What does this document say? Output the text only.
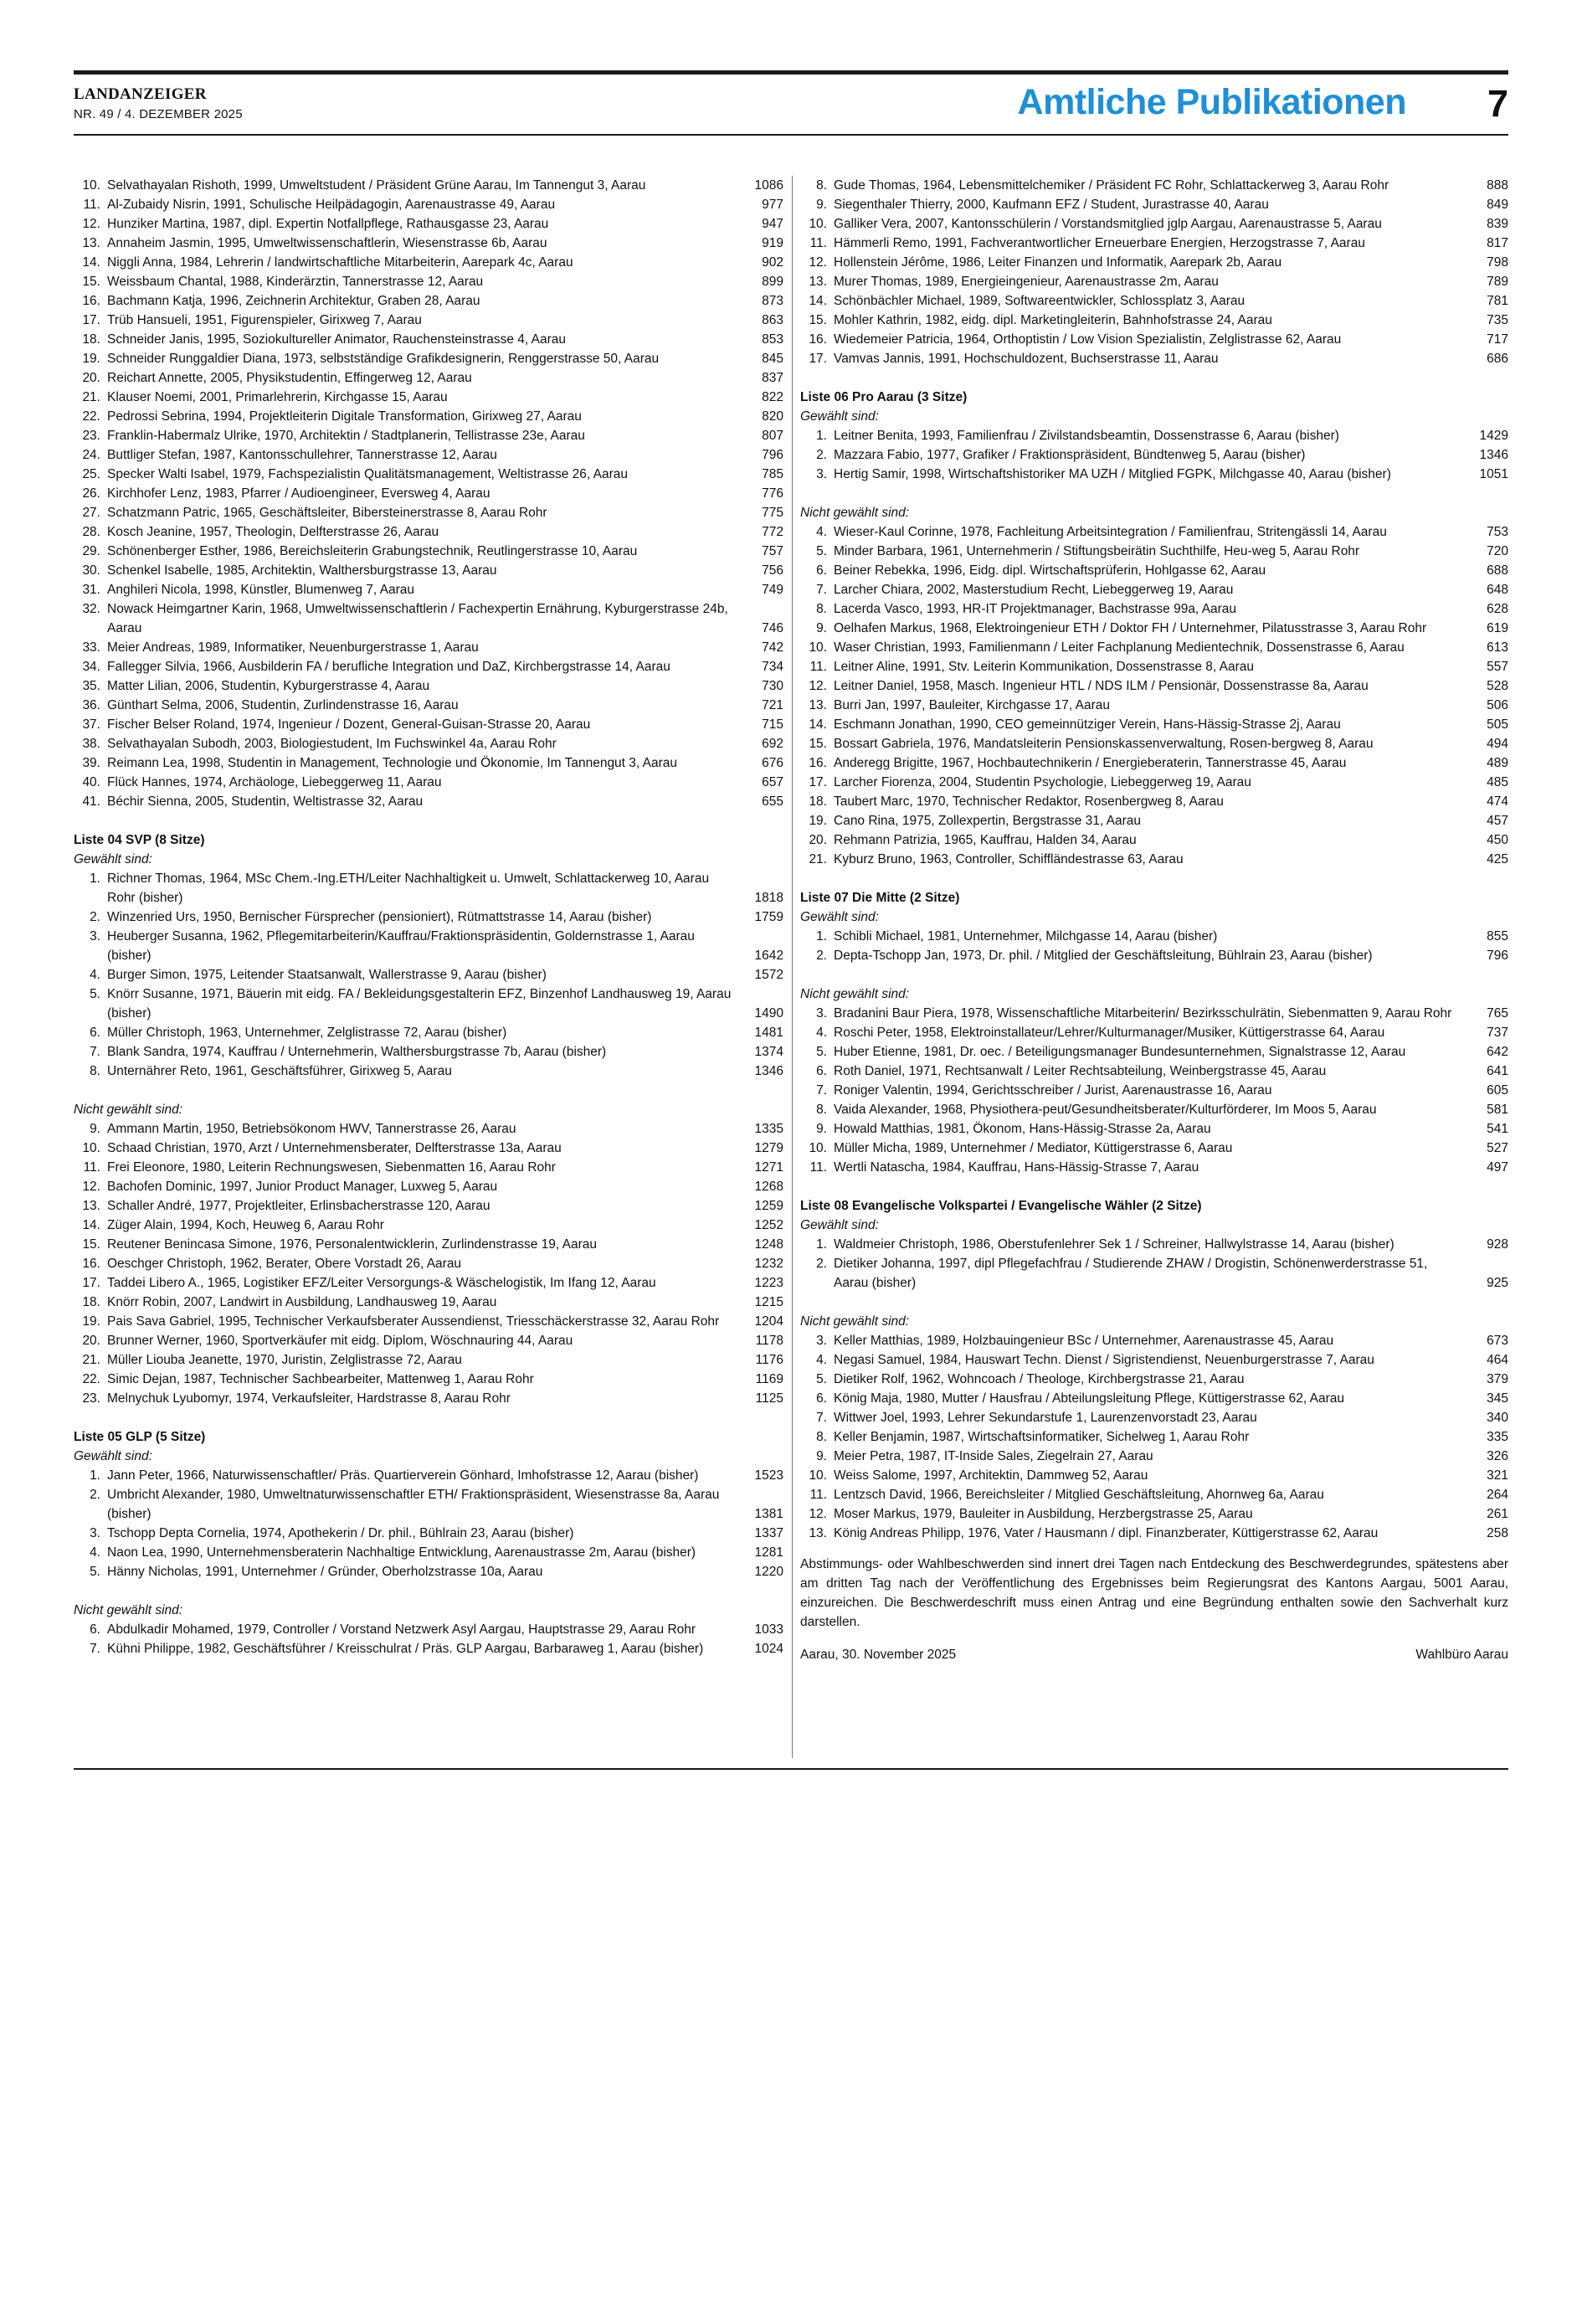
LANDANZEIGER
NR. 49 / 4. DEZEMBER 2025	Amtliche Publikationen 7
10. Selvathayalan Rishoth, 1999, Umweltstudent / Präsident Grüne Aarau, Im Tannengut 3, Aarau	1086
11. Al-Zubaidy Nisrin, 1991, Schulische Heilpädagogin, Aarenaustrasse 49, Aarau	977
12. Hunziker Martina, 1987, dipl. Expertin Notfallpflege, Rathausgasse 23, Aarau	947
13. Annaheim Jasmin, 1995, Umweltwissenschaftlerin, Wiesenstrasse 6b, Aarau	919
14. Niggli Anna, 1984, Lehrerin / landwirtschaftliche Mitarbeiterin, Aarepark 4c, Aarau	902
15. Weissbaum Chantal, 1988, Kinderärztin, Tannerstrasse 12, Aarau	899
16. Bachmann Katja, 1996, Zeichnerin Architektur, Graben 28, Aarau	873
17. Trüb Hansueli, 1951, Figurenspieler, Girixweg 7, Aarau	863
18. Schneider Janis, 1995, Soziokultureller Animator, Rauchensteinstrasse 4, Aarau	853
19. Schneider Runggaldier Diana, 1973, selbstständige Grafikdesignerin, Renggerstrasse 50, Aarau	845
20. Reichart Annette, 2005, Physikstudentin, Effingerweg 12, Aarau	837
21. Klauser Noemi, 2001, Primarlehrerin, Kirchgasse 15, Aarau	822
22. Pedrossi Sebrina, 1994, Projektleiterin Digitale Transformation, Girixweg 27, Aarau	820
23. Franklin-Habermalz Ulrike, 1970, Architektin / Stadtplanerin, Tellistrasse 23e, Aarau	807
24. Buttliger Stefan, 1987, Kantonsschullehrer, Tannerstrasse 12, Aarau	796
25. Specker Walti Isabel, 1979, Fachspezialistin Qualitätsmanagement, Weltistrasse 26, Aarau	785
26. Kirchhofer Lenz, 1983, Pfarrer / Audioengineer, Eversweg 4, Aarau	776
27. Schatzmann Patric, 1965, Geschäftsleiter, Bibersteinerstrasse 8, Aarau Rohr	775
28. Kosch Jeanine, 1957, Theologin, Delfterstrasse 26, Aarau	772
29. Schönenberger Esther, 1986, Bereichsleiterin Grabungstechnik, Reutlingerstrasse 10, Aarau	757
30. Schenkel Isabelle, 1985, Architektin, Walthersburgstrasse 13, Aarau	756
31. Anghileri Nicola, 1998, Künstler, Blumenweg 7, Aarau	749
32. Nowack Heimgartner Karin, 1968, Umweltwissenschaftlerin / Fachexpertin Ernährung, Kyburgerstrasse 24b, Aarau	746
33. Meier Andreas, 1989, Informatiker, Neuenburgerstrasse 1, Aarau	742
34. Fallegger Silvia, 1966, Ausbilderin FA / berufliche Integration und DaZ, Kirchbergstrasse 14, Aarau	734
35. Matter Lilian, 2006, Studentin, Kyburgerstrasse 4, Aarau	730
36. Günthart Selma, 2006, Studentin, Zurlindenstrasse 16, Aarau	721
37. Fischer Belser Roland, 1974, Ingenieur / Dozent, General-Guisan-Strasse 20, Aarau	715
38. Selvathayalan Subodh, 2003, Biologiestudent, Im Fuchswinkel 4a, Aarau Rohr	692
39. Reimann Lea, 1998, Studentin in Management, Technologie und Ökonomie, Im Tannengut 3, Aarau	676
40. Flück Hannes, 1974, Archäologe, Liebeggerweg 11, Aarau	657
41. Béchir Sienna, 2005, Studentin, Weltistrasse 32, Aarau	655
Liste 04 SVP (8 Sitze)
Gewählt sind:
1. Richner Thomas, 1964, MSc Chem.-Ing.ETH/Leiter Nachhaltigkeit u. Umwelt, Schlattackerweg 10, Aarau Rohr (bisher)	1818
2. Winzenried Urs, 1950, Bernischer Fürsprecher (pensioniert), Rütmattstrasse 14, Aarau (bisher)	1759
3. Heuberger Susanna, 1962, Pflegemitarbeiterin/Kauffrau/Fraktionspräsidentin, Goldernstrasse 1, Aarau (bisher)	1642
4. Burger Simon, 1975, Leitender Staatsanwalt, Wallerstrasse 9, Aarau (bisher)	1572
5. Knörr Susanne, 1971, Bäuerin mit eidg. FA / Bekleidungsgestalterin EFZ, Binzenhof Landhausweg 19, Aarau (bisher)	1490
6. Müller Christoph, 1963, Unternehmer, Zelglistrasse 72, Aarau (bisher)	1481
7. Blank Sandra, 1974, Kauffrau / Unternehmerin, Walthersburgstrasse 7b, Aarau (bisher)	1374
8. Unternährer Reto, 1961, Geschäftsführer, Girixweg 5, Aarau	1346
Nicht gewählt sind:
9. Ammann Martin, 1950, Betriebsökonom HWV, Tannerstrasse 26, Aarau	1335
10. Schaad Christian, 1970, Arzt / Unternehmensberater, Delfterstrasse 13a, Aarau	1279
11. Frei Eleonore, 1980, Leiterin Rechnungswesen, Siebenmatten 16, Aarau Rohr	1271
12. Bachofen Dominic, 1997, Junior Product Manager, Luxweg 5, Aarau	1268
13. Schaller André, 1977, Projektleiter, Erlinsbacherstrasse 120, Aarau	1259
14. Züger Alain, 1994, Koch, Heuweg 6, Aarau Rohr	1252
15. Reutener Benincasa Simone, 1976, Personalentwicklerin, Zurlindenstrasse 19, Aarau	1248
16. Oeschger Christoph, 1962, Berater, Obere Vorstadt 26, Aarau	1232
17. Taddei Libero A., 1965, Logistiker EFZ/Leiter Versorgungs-& Wäschelogistik, Im Ifang 12, Aarau	1223
18. Knörr Robin, 2007, Landwirt in Ausbildung, Landhausweg 19, Aarau	1215
19. Pais Sava Gabriel, 1995, Technischer Verkaufsberater Aussendienst, Triesschäckerstrasse 32, Aarau Rohr	1204
20. Brunner Werner, 1960, Sportverkäufer mit eidg. Diplom, Wöschnauring 44, Aarau	1178
21. Müller Liouba Jeanette, 1970, Juristin, Zelglistrasse 72, Aarau	1176
22. Simic Dejan, 1987, Technischer Sachbearbeiter, Mattenweg 1, Aarau Rohr	1169
23. Melnychuk Lyubomyr, 1974, Verkaufsleiter, Hardstrasse 8, Aarau Rohr	1125
Liste 05 GLP (5 Sitze)
Gewählt sind:
1. Jann Peter, 1966, Naturwissenschaftler/ Präs. Quartierverein Gönhard, Imhofstrasse 12, Aarau (bisher)	1523
2. Umbricht Alexander, 1980, Umweltnaturwissenschaftler ETH/ Fraktionspräsident, Wiesenstrasse 8a, Aarau (bisher)	1381
3. Tschopp Depta Cornelia, 1974, Apothekerin / Dr. phil., Bühlrain 23, Aarau (bisher)	1337
4. Naon Lea, 1990, Unternehmensberaterin Nachhaltige Entwicklung, Aarenaustrasse 2m, Aarau (bisher)	1281
5. Hänny Nicholas, 1991, Unternehmer / Gründer, Oberholzstrasse 10a, Aarau	1220
Nicht gewählt sind:
6. Abdulkadir Mohamed, 1979, Controller / Vorstand Netzwerk Asyl Aargau, Hauptstrasse 29, Aarau Rohr	1033
7. Kühni Philippe, 1982, Geschäftsführer / Kreisschulrat / Präs. GLP Aargau, Barbaraweg 1, Aarau (bisher)	1024
8. Gude Thomas, 1964, Lebensmittelchemiker / Präsident FC Rohr, Schlattackerweg 3, Aarau Rohr	888
9. Siegenthaler Thierry, 2000, Kaufmann EFZ / Student, Jurastrasse 40, Aarau	849
10. Galliker Vera, 2007, Kantonsschülerin / Vorstandsmitglied jglp Aargau, Aarenaustrasse 5, Aarau	839
11. Hämmerli Remo, 1991, Fachverantwortlicher Erneuerbare Energien, Herzogstrasse 7, Aarau	817
12. Hollenstein Jérôme, 1986, Leiter Finanzen und Informatik, Aarepark 2b, Aarau	798
13. Murer Thomas, 1989, Energieingenieur, Aarenaustrasse 2m, Aarau	789
14. Schönbächler Michael, 1989, Softwareentwickler, Schlossplatz 3, Aarau	781
15. Mohler Kathrin, 1982, eidg. dipl. Marketingleiterin, Bahnhofstrasse 24, Aarau	735
16. Wiedemeier Patricia, 1964, Orthoptistin / Low Vision Spezialistin, Zelglistrasse 62, Aarau	717
17. Vamvas Jannis, 1991, Hochschuldozent, Buchserstrasse 11, Aarau	686
Liste 06 Pro Aarau (3 Sitze)
Gewählt sind:
1. Leitner Benita, 1993, Familienfrau / Zivilstandsbeamtin, Dossenstrasse 6, Aarau (bisher)	1429
2. Mazzara Fabio, 1977, Grafiker / Fraktionspräsident, Bündtenweg 5, Aarau (bisher)	1346
3. Hertig Samir, 1998, Wirtschaftshistoriker MA UZH / Mitglied FGPK, Milchgasse 40, Aarau (bisher)	1051
Nicht gewählt sind:
4. Wieser-Kaul Corinne, 1978, Fachleitung Arbeitsintegration / Familienfrau, Stritengässli 14, Aarau	753
5. Minder Barbara, 1961, Unternehmerin / Stiftungsbeirätin Suchthilfe, Heu-weg 5, Aarau Rohr	720
6. Beiner Rebekka, 1996, Eidg. dipl. Wirtschaftsprüferin, Hohlgasse 62, Aarau	688
7. Larcher Chiara, 2002, Masterstudium Recht, Liebeggerweg 19, Aarau	648
8. Lacerda Vasco, 1993, HR-IT Projektmanager, Bachstrasse 99a, Aarau	628
9. Oelhafen Markus, 1968, Elektroingenieur ETH / Doktor FH / Unternehmer, Pilatusstrasse 3, Aarau Rohr	619
10. Waser Christian, 1993, Familienmann / Leiter Fachplanung Medientechnik, Dossenstrasse 6, Aarau	613
11. Leitner Aline, 1991, Stv. Leiterin Kommunikation, Dossenstrasse 8, Aarau	557
12. Leitner Daniel, 1958, Masch. Ingenieur HTL / NDS ILM / Pensionär, Dossenstrasse 8a, Aarau	528
13. Burri Jan, 1997, Bauleiter, Kirchgasse 17, Aarau	506
14. Eschmann Jonathan, 1990, CEO gemeinnütziger Verein, Hans-Hässig-Strasse 2j, Aarau	505
15. Bossart Gabriela, 1976, Mandatsleiterin Pensionskassenverwaltung, Rosen-bergweg 8, Aarau	494
16. Anderegg Brigitte, 1967, Hochbautechnikerin / Energieberaterin, Tannerstrasse 45, Aarau	489
17. Larcher Fiorenza, 2004, Studentin Psychologie, Liebeggerweg 19, Aarau	485
18. Taubert Marc, 1970, Technischer Redaktor, Rosenbergweg 8, Aarau	474
19. Cano Rina, 1975, Zollexpertin, Bergstrasse 31, Aarau	457
20. Rehmann Patrizia, 1965, Kauffrau, Halden 34, Aarau	450
21. Kyburz Bruno, 1963, Controller, Schiffländestrasse 63, Aarau	425
Liste 07 Die Mitte (2 Sitze)
Gewählt sind:
1. Schibli Michael, 1981, Unternehmer, Milchgasse 14, Aarau (bisher)	855
2. Depta-Tschopp Jan, 1973, Dr. phil. / Mitglied der Geschäftsleitung, Bühlrain 23, Aarau (bisher)	796
Nicht gewählt sind:
3. Bradanini Baur Piera, 1978, Wissenschaftliche Mitarbeiterin/ Bezirksschulrätin, Siebenmatten 9, Aarau Rohr	765
4. Roschi Peter, 1958, Elektroinstallateur/Lehrer/Kulturmanager/Musiker, Küttigerstrasse 64, Aarau	737
5. Huber Etienne, 1981, Dr. oec. / Beteiligungsmanager Bundesunternehmen, Signalstrasse 12, Aarau	642
6. Roth Daniel, 1971, Rechtsanwalt / Leiter Rechtsabteilung, Weinbergstrasse 45, Aarau	641
7. Roniger Valentin, 1994, Gerichtsschreiber / Jurist, Aarenaustrasse 16, Aarau	605
8. Vaida Alexander, 1968, Physiothera-peut/Gesundheitsberater/Kulturförderer, Im Moos 5, Aarau	581
9. Howald Matthias, 1981, Ökonom, Hans-Hässig-Strasse 2a, Aarau	541
10. Müller Micha, 1989, Unternehmer / Mediator, Küttigerstrasse 6, Aarau	527
11. Wertli Natascha, 1984, Kauffrau, Hans-Hässig-Strasse 7, Aarau	497
Liste 08 Evangelische Volkspartei / Evangelische Wähler (2 Sitze)
Gewählt sind:
1. Waldmeier Christoph, 1986, Oberstufenlehrer Sek 1 / Schreiner, Hallwylstrasse 14, Aarau (bisher)	928
2. Dietiker Johanna, 1997, dipl Pflegefachfrau / Studierende ZHAW / Drogistin, Schönenwerderstrasse 51, Aarau (bisher)	925
Nicht gewählt sind:
3. Keller Matthias, 1989, Holzbauingenieur BSc / Unternehmer, Aarenaustrasse 45, Aarau	673
4. Negasi Samuel, 1984, Hauswart Techn. Dienst / Sigristendienst, Neuenburgerstrasse 7, Aarau	464
5. Dietiker Rolf, 1962, Wohncoach / Theologe, Kirchbergstrasse 21, Aarau	379
6. König Maja, 1980, Mutter / Hausfrau / Abteilungsleitung Pflege, Küttigerstrasse 62, Aarau	345
7. Wittwer Joel, 1993, Lehrer Sekundarstufe 1, Laurenzenvorstadt 23, Aarau	340
8. Keller Benjamin, 1987, Wirtschaftsinformatiker, Sichelweg 1, Aarau Rohr	335
9. Meier Petra, 1987, IT-Inside Sales, Ziegelrain 27, Aarau	326
10. Weiss Salome, 1997, Architektin, Dammweg 52, Aarau	321
11. Lentzsch David, 1966, Bereichsleiter / Mitglied Geschäftsleitung, Ahornweg 6a, Aarau	264
12. Moser Markus, 1979, Bauleiter in Ausbildung, Herzbergstrasse 25, Aarau	261
13. König Andreas Philipp, 1976, Vater / Hausmann / dipl. Finanzberater, Küttigerstrasse 62, Aarau	258
Abstimmungs- oder Wahlbeschwerden sind innert drei Tagen nach Entdeckung des Beschwerdegrundes, spätestens aber am dritten Tag nach der Veröffentlichung des Ergebnisses beim Regierungsrat des Kantons Aargau, 5001 Aarau, einzureichen. Die Beschwerdeschrift muss einen Antrag und eine Begründung enthalten sowie den Sachverhalt kurz darstellen.
Aarau, 30. November 2025	Wahlbüro Aarau
